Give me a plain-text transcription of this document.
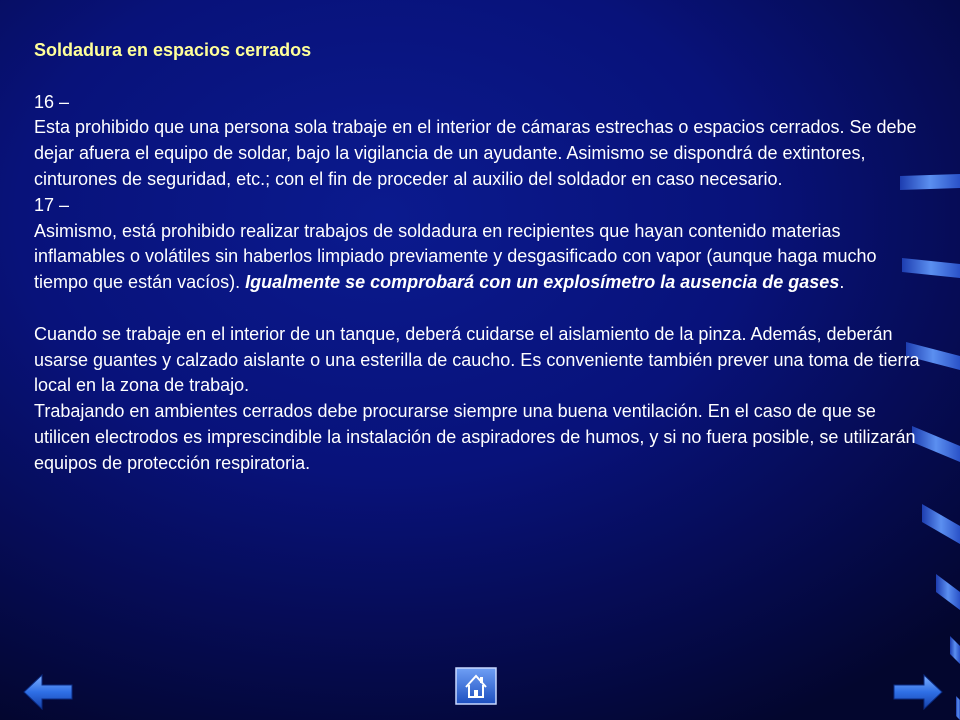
Soldadura en espacios cerrados

16 –

Esta prohibido que una persona sola trabaje en el interior de cámaras estrechas o espacios cerrados. Se debe dejar afuera el equipo de soldar, bajo la vigilancia de un ayudante. Asimismo se dispondrá de extintores, cinturones de seguridad, etc.; con el fin de proceder al auxilio del soldador en caso necesario.

17 –

Asimismo, está prohibido realizar trabajos de soldadura en recipientes que hayan contenido materias inflamables o volátiles sin haberlos limpiado previamente y desgasificado con vapor (aunque haga mucho tiempo que están vacíos). Igualmente se comprobará con un explosímetro la ausencia de gases.

Cuando se trabaje en el interior de un tanque, deberá cuidarse el aislamiento de la pinza. Además, deberán usarse guantes y calzado aislante o una esterilla de caucho. Es conveniente también prever una toma de tierra local en la zona de trabajo.

Trabajando en ambientes cerrados debe procurarse siempre una buena ventilación. En el caso de que se utilicen electrodos es imprescindible la instalación de aspiradores de humos, y si no fuera posible, se utilizarán equipos de protección respiratoria.
